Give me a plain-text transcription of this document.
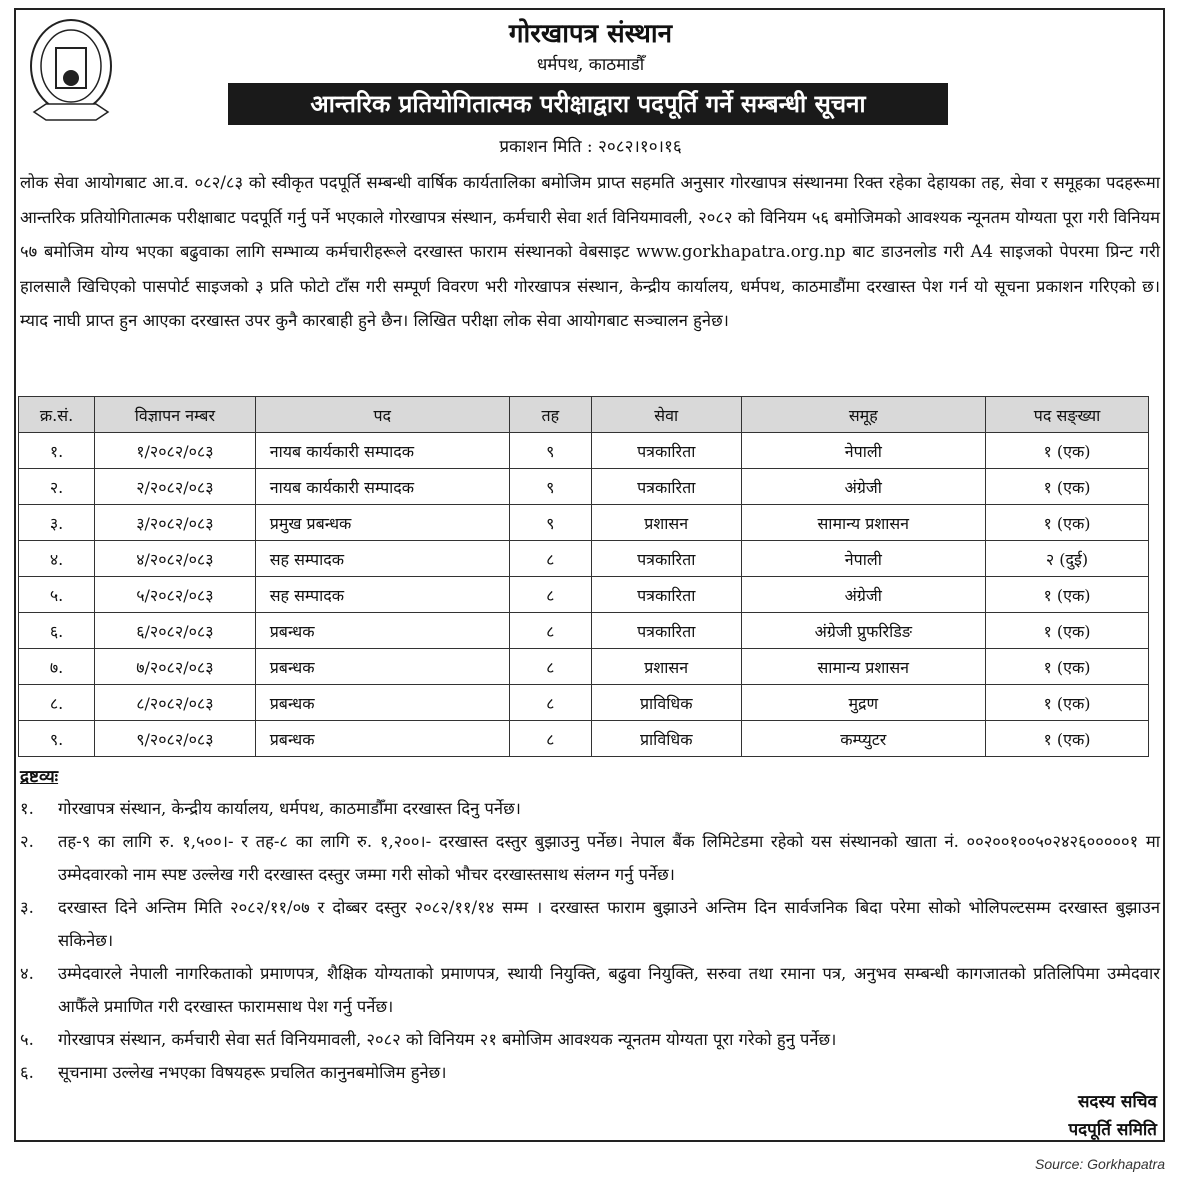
गोरखापत्र संस्थान
धर्मपथ, काठमाडौँ
आन्तरिक प्रतियोगितात्मक परीक्षाद्वारा पदपूर्ति गर्ने सम्बन्धी सूचना
प्रकाशन मिति : २०८२।१०।१६
लोक सेवा आयोगबाट आ.व. ०८२/८३ को स्वीकृत पदपूर्ति सम्बन्धी वार्षिक कार्यतालिका बमोजिम प्राप्त सहमति अनुसार गोरखापत्र संस्थानमा रिक्त रहेका देहायका तह, सेवा र समूहका पदहरूमा आन्तरिक प्रतियोगितात्मक परीक्षाबाट पदपूर्ति गर्नु पर्ने भएकाले गोरखापत्र संस्थान, कर्मचारी सेवा शर्त विनियमावली, २०८२ को विनियम ५६ बमोजिमको आवश्यक न्यूनतम योग्यता पूरा गरी विनियम ५७ बमोजिम योग्य भएका बढुवाका लागि सम्भाव्य कर्मचारीहरूले दरखास्त फाराम संस्थानको वेबसाइट www.gorkhapatra.org.np बाट डाउनलोड गरी A4 साइजको पेपरमा प्रिन्ट गरी हालसालै खिचिएको पासपोर्ट साइजको ३ प्रति फोटो टाँस गरी सम्पूर्ण विवरण भरी गोरखापत्र संस्थान, केन्द्रीय कार्यालय, धर्मपथ, काठमाडौंमा दरखास्त पेश गर्न यो सूचना प्रकाशन गरिएको छ। म्याद नाघी प्राप्त हुन आएका दरखास्त उपर कुनै कारबाही हुने छैन। लिखित परीक्षा लोक सेवा आयोगबाट सञ्चालन हुनेछ।
क्र.सं.	विज्ञापन नम्बर	पद	तह	सेवा	समूह	पद सङ्ख्या
१.	१/२०८२/०८३	नायब कार्यकारी सम्पादक	९	पत्रकारिता	नेपाली	१ (एक)
२.	२/२०८२/०८३	नायब कार्यकारी सम्पादक	९	पत्रकारिता	अंग्रेजी	१ (एक)
३.	३/२०८२/०८३	प्रमुख प्रबन्धक	९	प्रशासन	सामान्य प्रशासन	१ (एक)
४.	४/२०८२/०८३	सह सम्पादक	८	पत्रकारिता	नेपाली	२ (दुई)
५.	५/२०८२/०८३	सह सम्पादक	८	पत्रकारिता	अंग्रेजी	१ (एक)
६.	६/२०८२/०८३	प्रबन्धक	८	पत्रकारिता	अंग्रेजी प्रुफरिडिङ	१ (एक)
७.	७/२०८२/०८३	प्रबन्धक	८	प्रशासन	सामान्य प्रशासन	१ (एक)
८.	८/२०८२/०८३	प्रबन्धक	८	प्राविधिक	मुद्रण	१ (एक)
९.	९/२०८२/०८३	प्रबन्धक	८	प्राविधिक	कम्प्युटर	१ (एक)
द्रष्टव्यः
१.	गोरखापत्र संस्थान, केन्द्रीय कार्यालय, धर्मपथ, काठमाडौँमा दरखास्त दिनु पर्नेछ।
२.	तह-९ का लागि रु. १,५००।- र तह-८ का लागि रु. १,२००।- दरखास्त दस्तुर बुझाउनु पर्नेछ। नेपाल बैंक लिमिटेडमा रहेको यस संस्थानको खाता नं. ००२००१००५०२४२६०००००१ मा उम्मेदवारको नाम स्पष्ट उल्लेख गरी दरखास्त दस्तुर जम्मा गरी सोको भौचर दरखास्तसाथ संलग्न गर्नु पर्नेछ।
३.	दरखास्त दिने अन्तिम मिति २०८२/११/०७ र दोब्बर दस्तुर २०८२/११/१४ सम्म । दरखास्त फाराम बुझाउने अन्तिम दिन सार्वजनिक बिदा परेमा सोको भोलिपल्टसम्म दरखास्त बुझाउन सकिनेछ।
४.	उम्मेदवारले नेपाली नागरिकताको प्रमाणपत्र, शैक्षिक योग्यताको प्रमाणपत्र, स्थायी नियुक्ति, बढुवा नियुक्ति, सरुवा तथा रमाना पत्र, अनुभव सम्बन्धी कागजातको प्रतिलिपिमा उम्मेदवार आफैँले प्रमाणित गरी दरखास्त फारामसाथ पेश गर्नु पर्नेछ।
५.	गोरखापत्र संस्थान, कर्मचारी सेवा सर्त विनियमावली, २०८२ को विनियम २१ बमोजिम आवश्यक न्यूनतम योग्यता पूरा गरेको हुनु पर्नेछ।
६.	सूचनामा उल्लेख नभएका विषयहरू प्रचलित कानुनबमोजिम हुनेछ।
सदस्य सचिव
पदपूर्ति समिति
Source: Gorkhapatra
